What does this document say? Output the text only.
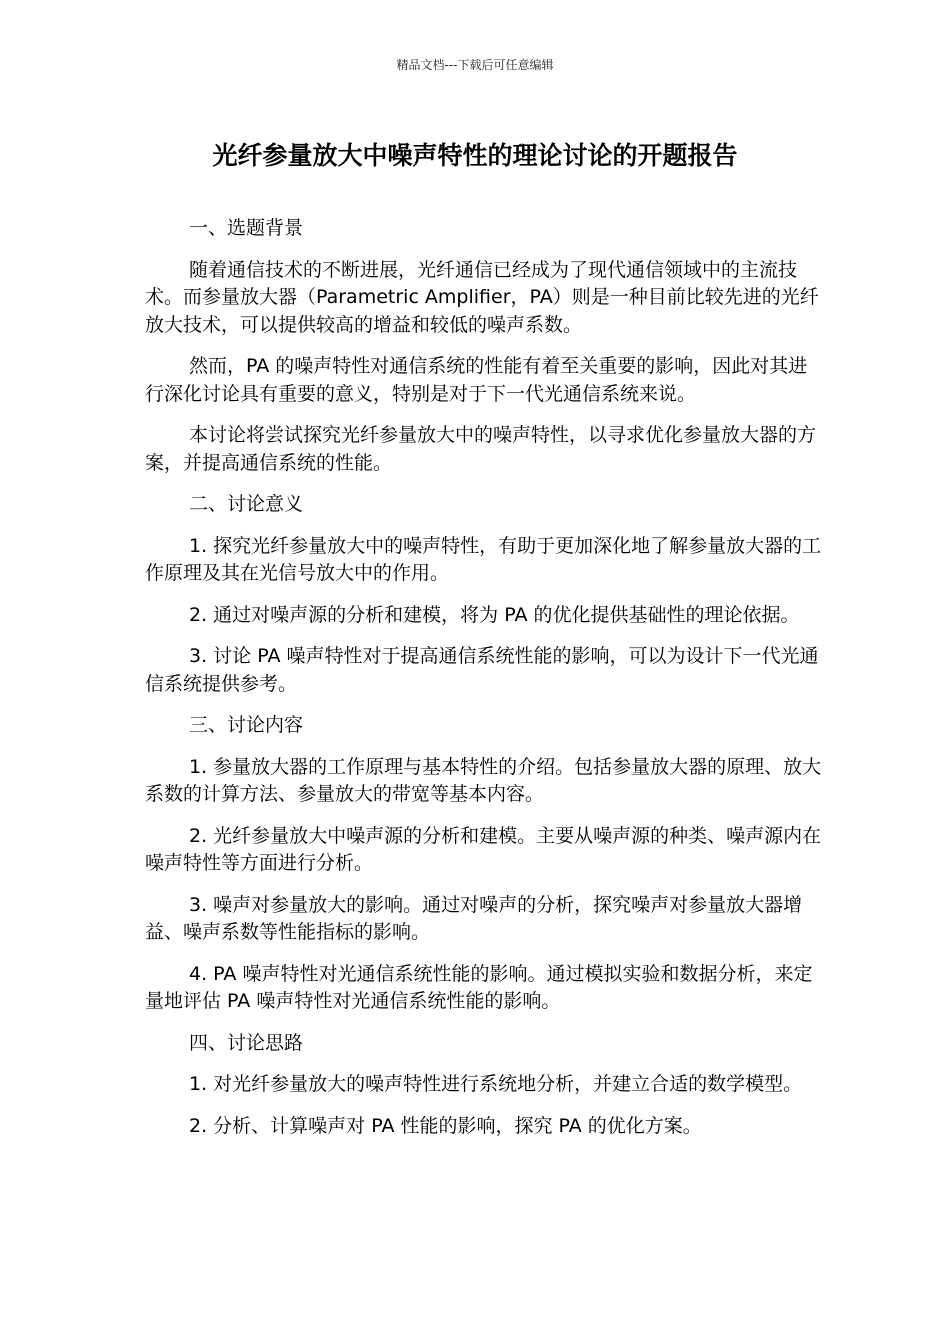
精品文档---下载后可任意编辑
光纤参量放大中噪声特性的理论讨论的开题报告

一、选题背景

随着通信技术的不断进展，光纤通信已经成为了现代通信领域中的主流技术。而参量放大器（Parametric Amplifier，PA）则是一种目前比较先进的光纤放大技术，可以提供较高的增益和较低的噪声系数。

然而，PA 的噪声特性对通信系统的性能有着至关重要的影响，因此对其进行深化讨论具有重要的意义，特别是对于下一代光通信系统来说。

本讨论将尝试探究光纤参量放大中的噪声特性，以寻求优化参量放大器的方案，并提高通信系统的性能。

二、讨论意义

1. 探究光纤参量放大中的噪声特性，有助于更加深化地了解参量放大器的工作原理及其在光信号放大中的作用。

2. 通过对噪声源的分析和建模，将为 PA 的优化提供基础性的理论依据。

3. 讨论 PA 噪声特性对于提高通信系统性能的影响，可以为设计下一代光通信系统提供参考。

三、讨论内容

1. 参量放大器的工作原理与基本特性的介绍。包括参量放大器的原理、放大系数的计算方法、参量放大的带宽等基本内容。

2. 光纤参量放大中噪声源的分析和建模。主要从噪声源的种类、噪声源内在噪声特性等方面进行分析。

3. 噪声对参量放大的影响。通过对噪声的分析，探究噪声对参量放大器增益、噪声系数等性能指标的影响。

4. PA 噪声特性对光通信系统性能的影响。通过模拟实验和数据分析，来定量地评估 PA 噪声特性对光通信系统性能的影响。

四、讨论思路

1. 对光纤参量放大的噪声特性进行系统地分析，并建立合适的数学模型。

2. 分析、计算噪声对 PA 性能的影响，探究 PA 的优化方案。
